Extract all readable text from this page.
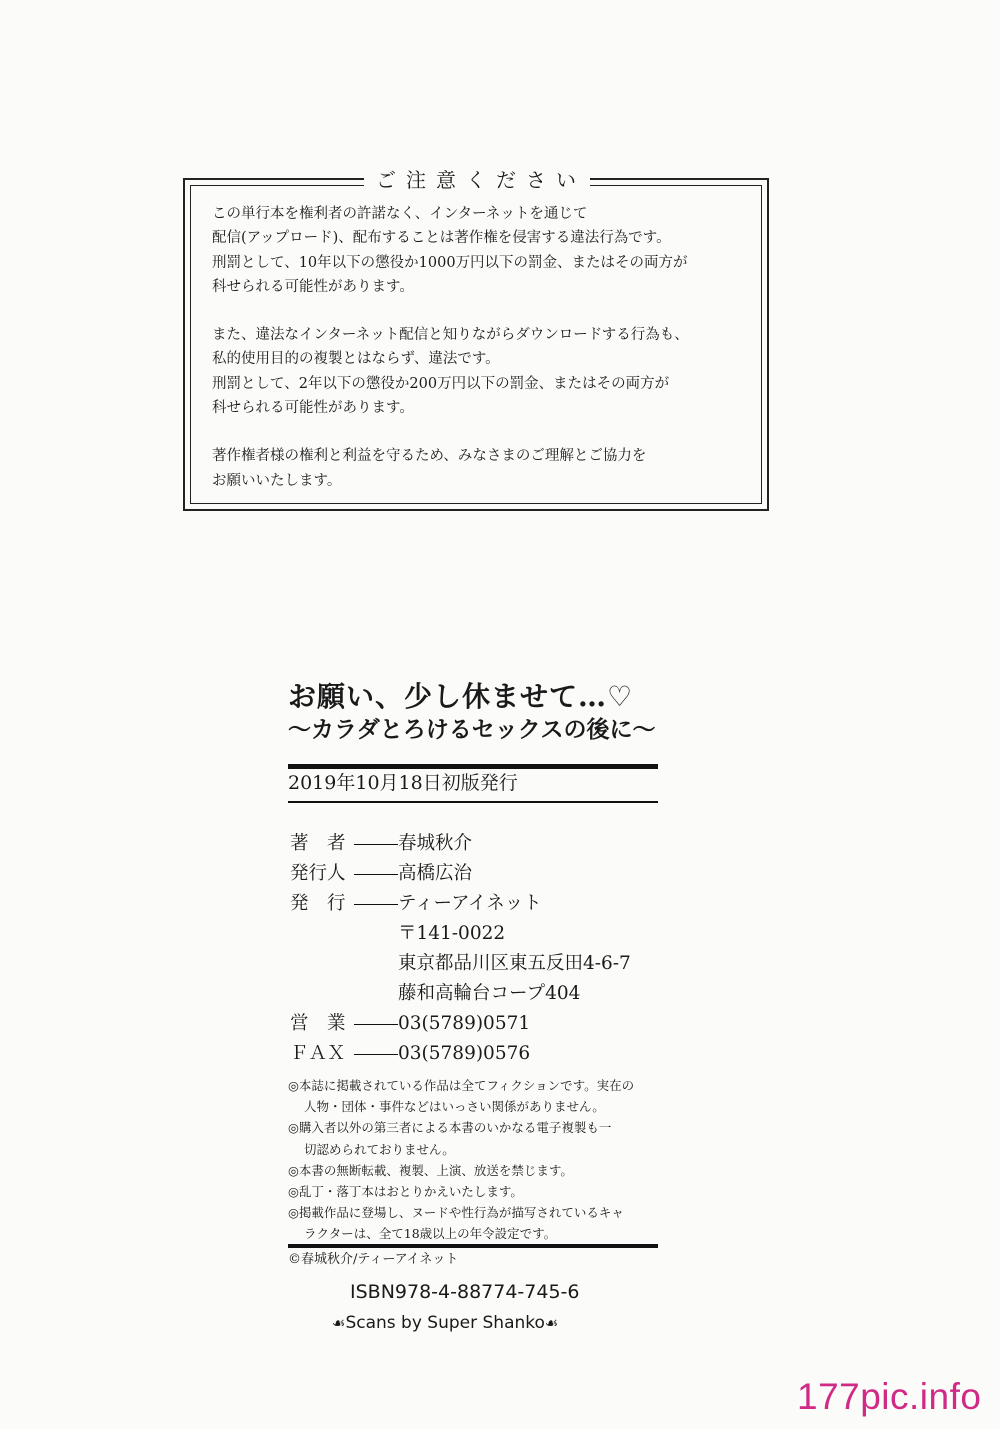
ご注意ください

この単行本を権利者の許諾なく、インターネットを通じて
配信(アップロード)、配布することは著作権を侵害する違法行為です。
刑罰として、10年以下の懲役か1000万円以下の罰金、またはその両方が
科せられる可能性があります。

また、違法なインターネット配信と知りながらダウンロードする行為も、
私的使用目的の複製とはならず、違法です。
刑罰として、2年以下の懲役か200万円以下の罰金、またはその両方が
科せられる可能性があります。

著作権者様の権利と利益を守るため、みなさまのご理解とご協力を
お願いいたします。

お願い、少し休ませて…♡
〜カラダとろけるセックスの後に〜
2019年10月18日初版発行
著　者	春城秋介
発行人	高橋広治
発　行	ティーアイネット
〒141-0022
東京都品川区東五反田4-6-7
藤和高輪台コープ404
営　業	03(5789)0571
ＦＡＸ	03(5789)0576
◎本誌に掲載されている作品は全てフィクションです。実在の
人物・団体・事件などはいっさい関係がありません。
◎購入者以外の第三者による本書のいかなる電子複製も一
切認められておりません。
◎本書の無断転載、複製、上演、放送を禁じます。
◎乱丁・落丁本はおとりかえいたします。
◎掲載作品に登場し、ヌードや性行為が描写されているキャ
ラクターは、全て18歳以上の年令設定です。
©春城秋介/ティーアイネット
ISBN978-4-88774-745-6
☙Scans by Super Shanko☙
177pic.info
